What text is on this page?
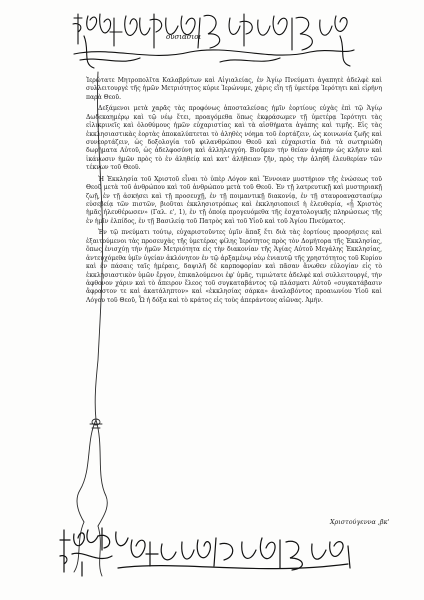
οὐσιάσιοι

Ἱερώτατε Μητροπολῖτα Καλαβρύτων καὶ Αἰγιαλείας, ἐν Ἁγίῳ Πνεύματι ἀγαπητὲ ἀδελφὲ καὶ συλλειτουργὲ τῆς ἡμῶν Μετριότητος κύριε Ἱερώνυμε, χάρις εἴη τῇ ὑμετέρᾳ Ἱερότητι καὶ εἰρήνη παρὰ Θεοῦ.

Δεξάμενοι μετὰ χαρᾶς τὰς προφόνως ἀποσταλείσας ἡμῖν ἑορτίους εὐχὰς ἐπὶ τῷ Ἁγίῳ Δωδεκαημέρῳ καὶ τῷ νέῳ ἔτει, προαγόμεθα ὅπως ἐκφράσωμεν τῇ ὑμετέρᾳ Ἱερότητι τὰς εἰλικρινεῖς καὶ ὁλοθύμους ἡμῶν εὐχαριστίας καὶ τὰ αἰσθήματα ἀγάπης καὶ τιμῆς. Εἰς τὰς ἐκκλησιαστικὰς ἑορτὰς ἀποκαλύπτεται τὸ ἀληθὲς νόημα τοῦ ἑορτάζειν, ὡς κοινωνία ζωῆς καὶ συνεορτάζειν, ὡς δοξολογία τοῦ φιλανθρώπου Θεοῦ καὶ εὐχαριστία διὰ τὰ σωτηριώδη δωρήματα Αὐτοῦ, ὡς ἀδελφοσύνη καὶ ἀλληλεγγύη. Βιοῦμεν τὴν θείαν ἀγάπην ὡς κλῆσιν καὶ ἱκάνωσιν ἡμῶν πρὸς τὸ ἐν ἀληθείᾳ καὶ κατ' ἀλήθειαν ζῆν, πρὸς τὴν ἀληθῆ ἐλευθερίαν τῶν τέκνων τοῦ Θεοῦ.

Ἡ Ἐκκλησία τοῦ Χριστοῦ εἶναι τὸ ὑπὲρ Λόγον καὶ Ἔννοιαν μυστήριον τῆς ἑνώσεως τοῦ Θεοῦ μετὰ τοῦ ἀνθρώπου καὶ τοῦ ἀνθρώπου μετὰ τοῦ Θεοῦ. Ἐν τῇ λατρευτικῇ καὶ μυστηριακῇ ζωῇ, ἐν τῇ ἀσκήσει καὶ τῇ προσευχῇ, ἐν τῇ ποιμαντικῇ διακονίᾳ, ἐν τῇ σταυροαναστασίμῳ εὐσεβείᾳ τῶν πιστῶν, βιοῦται ἐκκλησιοτρόπως καὶ ἐκκλησιοποιεῖ ἡ ἐλευθερία, «ᾗ Χριστὸς ἡμᾶς ἠλευθέρωσεν» (Γαλ. ε', 1), ἐν τῇ ὁποίᾳ προγευόμεθα τῆς ἐσχατολογικῆς πληρώσεως τῆς ἐν ἡμῖν ἐλπίδος, ἐν τῇ Βασιλείᾳ τοῦ Πατρὸς καὶ τοῦ Υἱοῦ καὶ τοῦ Ἁγίου Πνεύματος.

Ἐν τῷ πνεύματι τούτῳ, εὐχαριστοῦντες ὑμῖν ἅπαξ ἔτι διὰ τὰς ἑορτίους προσρήσεις καὶ ἐξαιτούμενοι τὰς προσευχὰς τῆς ὑμετέρας φίλης Ἱερότητος πρὸς τὸν Δομήτορα τῆς Ἐκκλησίας, ὅπως ἐνισχύῃ τὴν ἡμῶν Μετριότητα εἰς τὴν διακονίαν τῆς Ἁγίας Αὐτοῦ Μεγάλης Ἐκκλησίας, ἀντευχόμεθα ὑμῖν ὑγείαν ἀκλόνητον ἐν τῷ ἀρξαμένῳ νέῳ ἐνιαυτῷ τῆς χρηστότητος τοῦ Κυρίου καὶ ἐν πάσαις ταῖς ἡμέραις, δαψιλῆ δὲ καρποφορίαν καὶ πᾶσαν ἄνωθεν εὐλογίαν εἰς τὸ ἐκκλησιαστικὸν ὑμῶν ἔργον, ἐπικαλούμενοι ἐφ' ὑμᾶς, τιμιώτατε ἀδελφὲ καὶ συλλειτουργέ, τὴν ἀφθονον χάριν καὶ τὸ ἄπειρον ἔλεος τοῦ συγκαταβάντος τῷ πλάσματι Αὐτοῦ «συγκατάβασιν ἄφραστον τε καὶ ἀκατάληπτον» καὶ «ἐκκλησίας σάρκα» ἀναλαβόντος προαιωνίου Υἱοῦ καὶ Λόγου τοῦ Θεοῦ, Ὧ ἡ δόξα καὶ τὸ κράτος εἰς τοὺς ἀπεράντους αἰῶνας. Ἀμήν.

Χριστούγεννα ,βκ'
